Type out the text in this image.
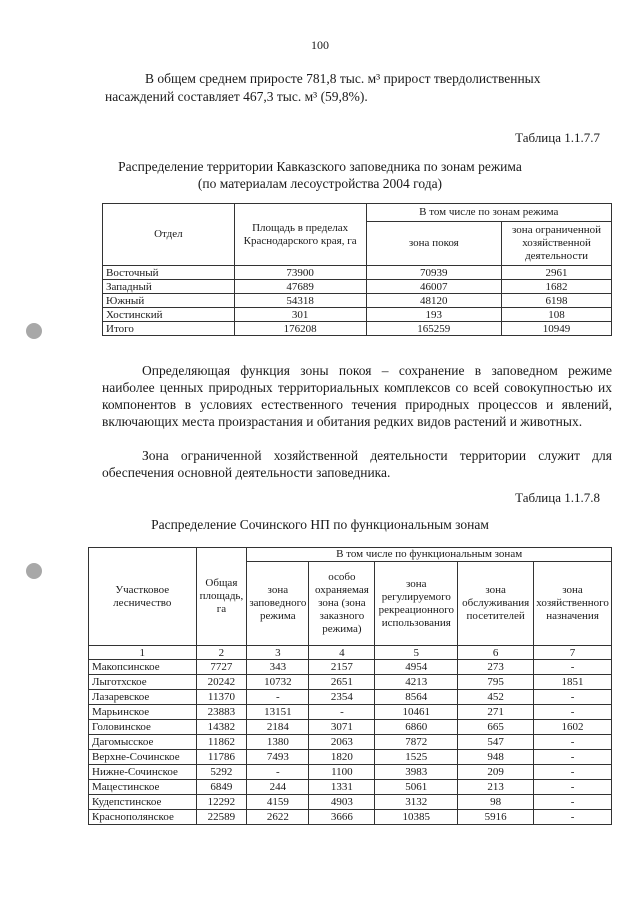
100

В общем среднем приросте 781,8 тыс. м³ прирост твердолиственных

насаждений составляет 467,3 тыс. м³ (59,8%).

Таблица 1.1.7.7
Распределение территории Кавказского заповедника по зонам режима
(по материалам лесоустройства 2004 года)
Отдел	Площадь в пределах Краснодарского края, га	В том числе по зонам режима	
		зона покоя	зона ограниченной хозяйственной деятельности
Восточный	73900	70939	2961
Западный	47689	46007	1682
Южный	54318	48120	6198
Хостинский	301	193	108
Итого	176208	165259	10949

Определяющая функция зоны покоя – сохранение в заповедном режиме наиболее ценных природных территориальных комплексов со всей совокупностью их компонентов в условиях естественного течения природных процессов и явлений, включающих места произрастания и обитания редких видов растений и животных.

Зона ограниченной хозяйственной деятельности территории служит для обеспечения основной деятельности заповедника.

Таблица 1.1.7.8
Распределение Сочинского НП по функциональным зонам
Участковое лесничество	Общая площадь, га	В том числе по функциональным зонам				
		зона заповедного режима	особо охраняемая зона (зона заказного режима)	зона регулируемого рекреационного использования	зона обслуживания посетителей	зона хозяйственного назначения
1	2	3	4	5	6	7
Макопсинское	7727	343	2157	4954	273	-
Лыготхское	20242	10732	2651	4213	795	1851
Лазаревское	11370	-	2354	8564	452	-
Марьинское	23883	13151	-	10461	271	-
Головинское	14382	2184	3071	6860	665	1602
Дагомысское	11862	1380	2063	7872	547	-
Верхне-Сочинское	11786	7493	1820	1525	948	-
Нижне-Сочинское	5292	-	1100	3983	209	-
Мацестинское	6849	244	1331	5061	213	-
Кудепстинское	12292	4159	4903	3132	98	-
Краснополянское	22589	2622	3666	10385	5916	-
